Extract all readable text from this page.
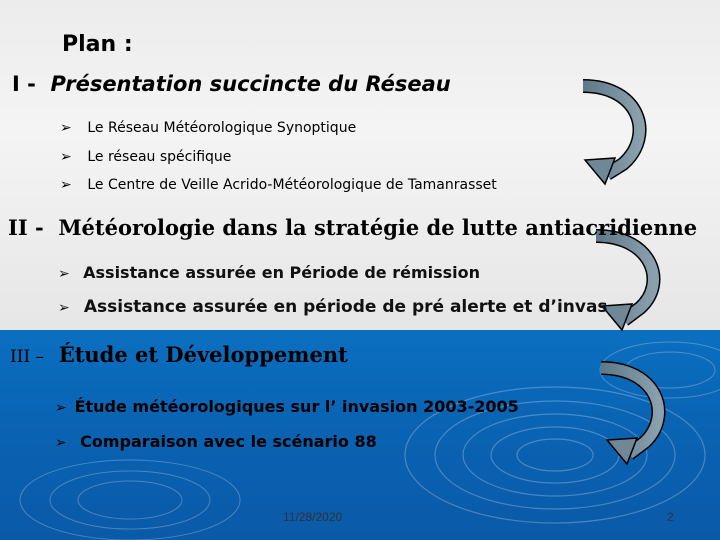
Plan :
I - Présentation succincte du Réseau
➢ Le Réseau Météorologique Synoptique
➢ Le réseau spécifique
➢ Le Centre de Veille Acrido-Météorologique de Tamanrasset
II - Météorologie dans la stratégie de lutte antiacridienne
➢ Assistance assurée en Période de rémission
➢ Assistance assurée en période de pré alerte et d’invas
III – Étude et Développement
➢ Étude météorologiques sur l’ invasion 2003-2005
➢ Comparaison avec le scénario 88
11/28/2020	2
